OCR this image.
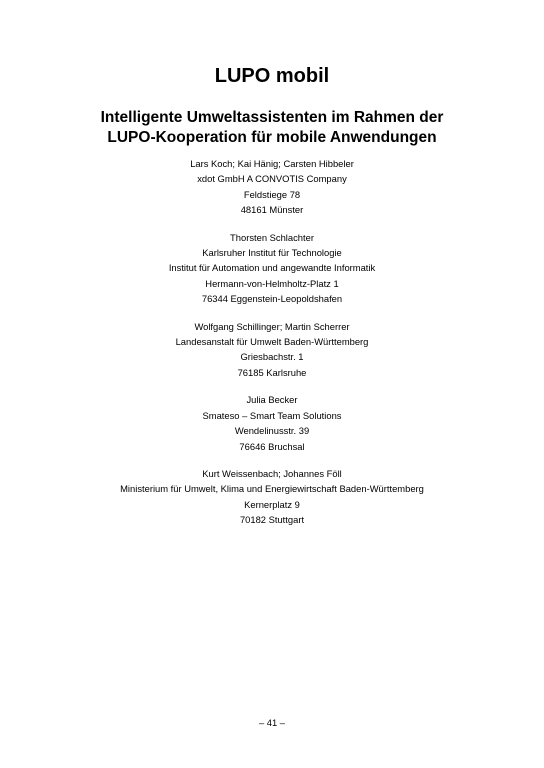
LUPO mobil
Intelligente Umweltassistenten im Rahmen der
LUPO-Kooperation für mobile Anwendungen
Lars Koch; Kai Hänig; Carsten Hibbeler
xdot GmbH A CONVOTIS Company
Feldstiege 78
48161 Münster
Thorsten Schlachter
Karlsruher Institut für Technologie
Institut für Automation und angewandte Informatik
Hermann-von-Helmholtz-Platz 1
76344 Eggenstein-Leopoldshafen
Wolfgang Schillinger; Martin Scherrer
Landesanstalt für Umwelt Baden-Württemberg
Griesbachstr. 1
76185 Karlsruhe
Julia Becker
Smateso – Smart Team Solutions
Wendelinusstr. 39
76646 Bruchsal
Kurt Weissenbach; Johannes Föll
Ministerium für Umwelt, Klima und Energiewirtschaft Baden-Württemberg
Kernerplatz 9
70182 Stuttgart
– 41 –
